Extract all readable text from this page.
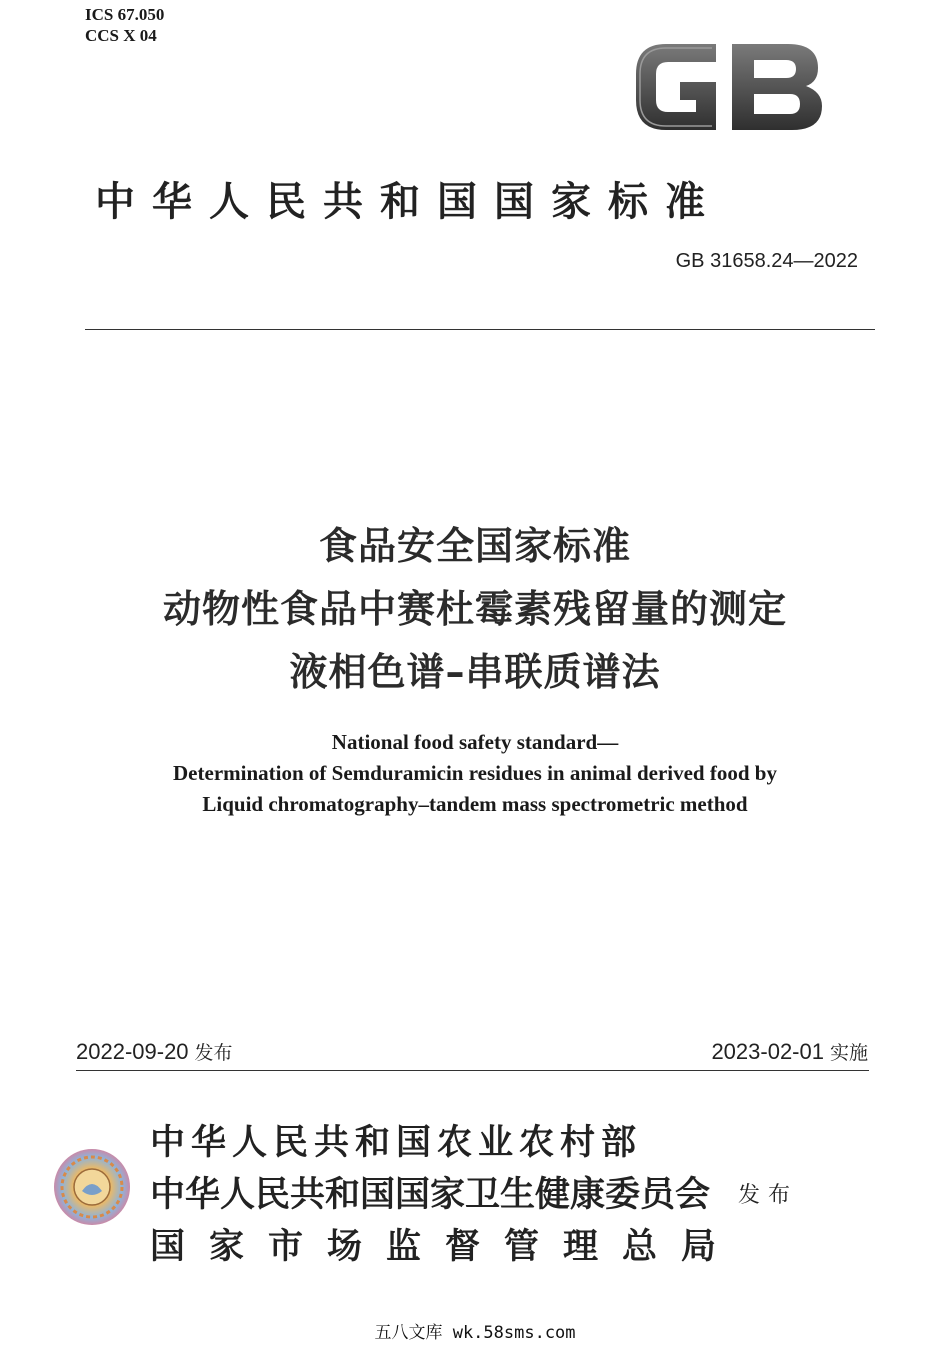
ICS 67.050
CCS X 04
中华人民共和国国家标准
GB 31658.24—2022
食品安全国家标准
动物性食品中赛杜霉素残留量的测定
液相色谱–串联质谱法
National food safety standard—
Determination of Semduramicin residues in animal derived food by
Liquid chromatography–tandem mass spectrometric method
2022-09-20 发布	2023-02-01 实施
中华人民共和国农业农村部
中华人民共和国国家卫生健康委员会
国家市场监督管理总局
发布
五八文库 wk.58sms.com
